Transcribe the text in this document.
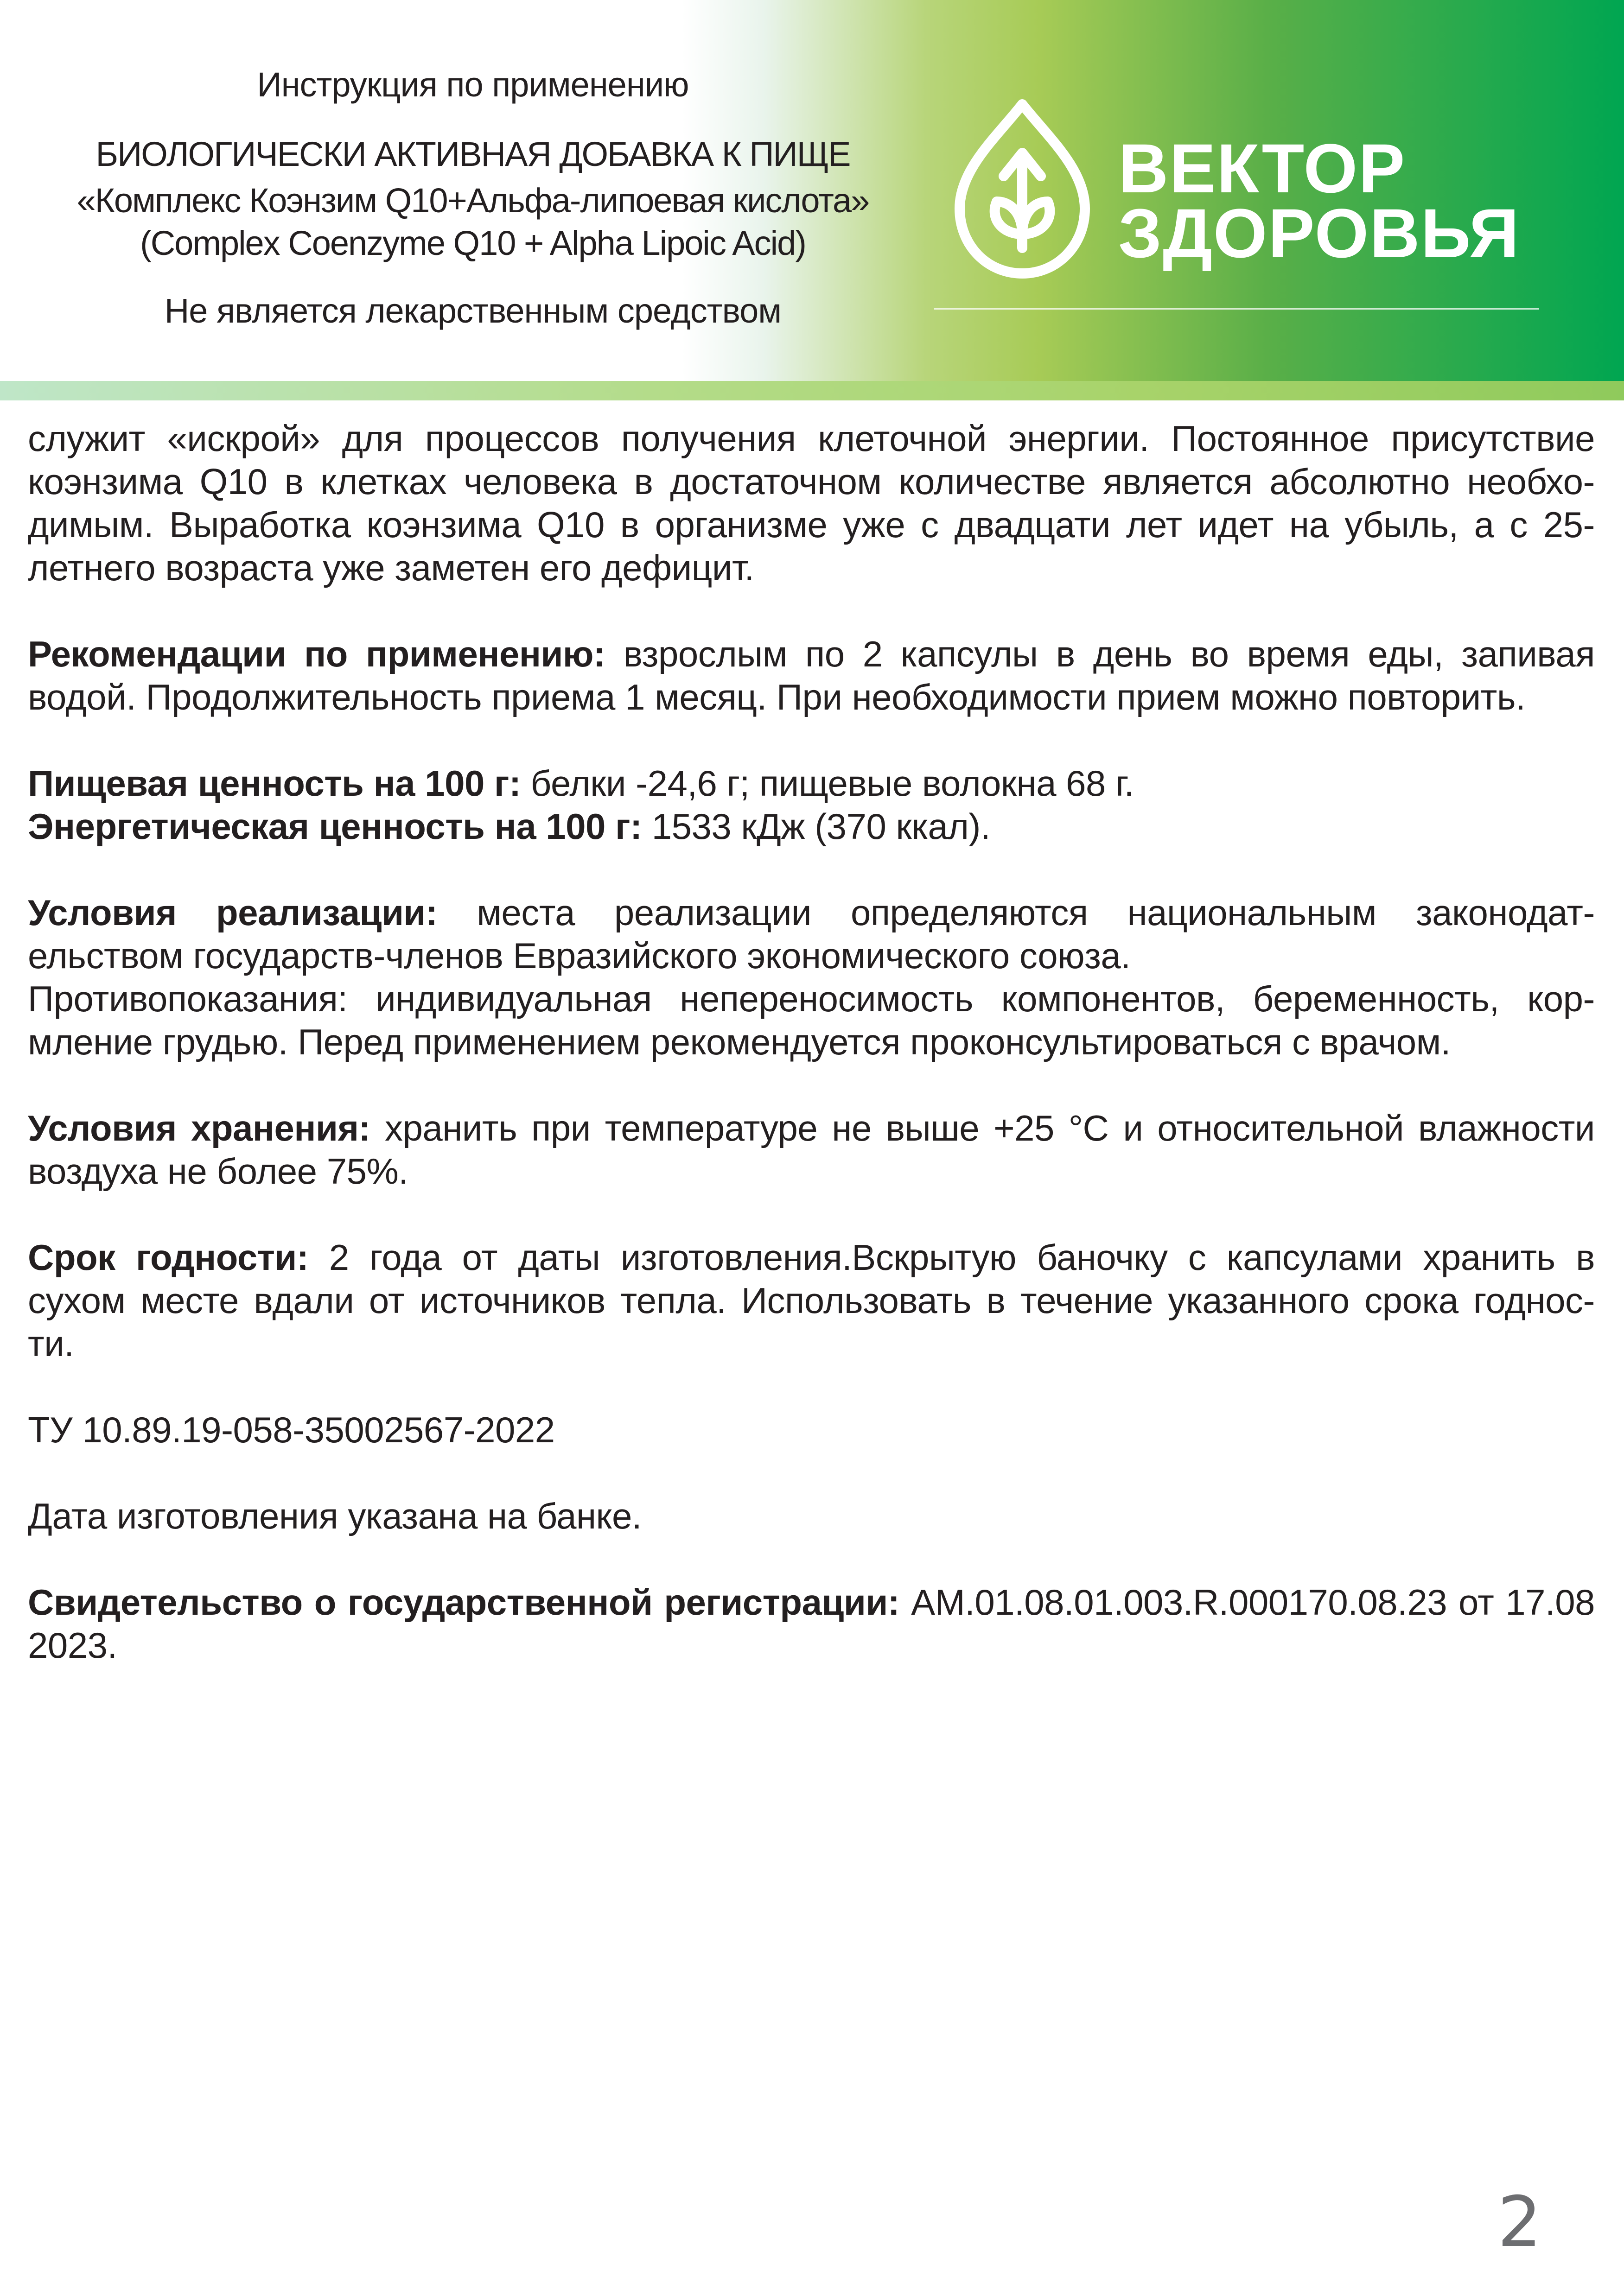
Инструкция по применению
БИОЛОГИЧЕСКИ АКТИВНАЯ ДОБАВКА К ПИЩЕ
«Комплекс Коэнзим Q10+Альфа-липоевая кислота»
(Complex Coenzyme Q10 + Alpha Lipoic Acid)
Не является лекарственным средством
ВЕКТОР
ЗДОРОВЬЯ
служит «искрой» для процессов получения клеточной энергии. Постоянное присутствие
коэнзима Q10 в клетках человека в достаточном количестве является абсолютно необхо-
димым. Выработка коэнзима Q10 в организме уже с двадцати лет идет на убыль, а с 25-
летнего возраста уже заметен его дефицит.
Рекомендации по применению: взрослым по 2 капсулы в день во время еды, запивая
водой. Продолжительность приема 1 месяц. При необходимости прием можно повторить.
Пищевая ценность на 100 г: белки -24,6 г; пищевые волокна 68 г.
Энергетическая ценность на 100 г: 1533 кДж (370 ккал).
Условия реализации: места реализации определяются национальным законодат-
ельством государств-членов Евразийского экономического союза.
Противопоказания: индивидуальная непереносимость компонентов, беременность, кор-
мление грудью. Перед применением рекомендуется проконсультироваться с врачом.
Условия хранения: хранить при температуре не выше +25 °С и относительной влажности
воздуха не более 75%.
Срок годности: 2 года от даты изготовления.Вскрытую баночку с капсулами хранить в
сухом месте вдали от источников тепла. Использовать в течение указанного срока годнос-
ти.
ТУ 10.89.19-058-35002567-2022
Дата изготовления указана на банке.
Свидетельство о государственной регистрации: AM.01.08.01.003.R.000170.08.23 от 17.08
2023.
2
